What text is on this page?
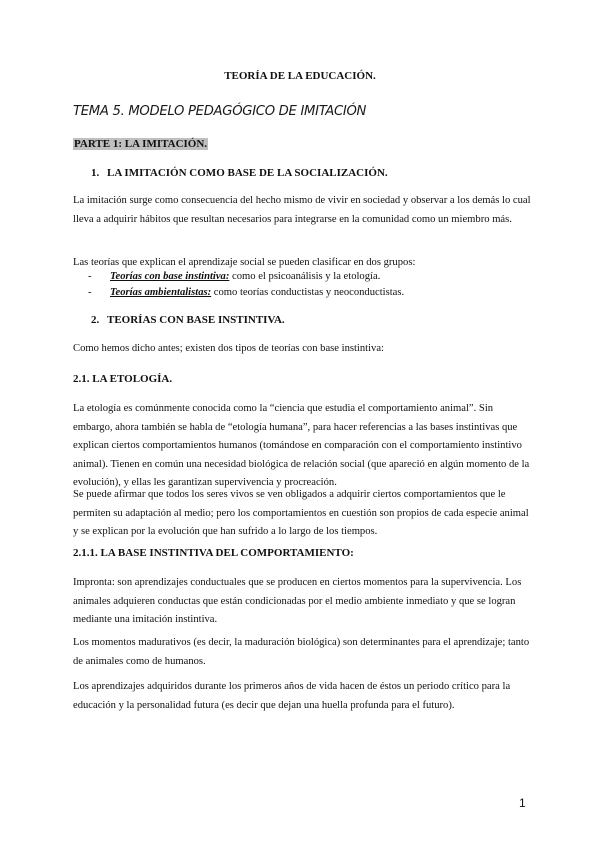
TEORÍA DE LA EDUCACIÓN.
TEMA 5. MODELO PEDAGÓGICO DE IMITACIÓN
PARTE 1: LA IMITACIÓN.
1. LA IMITACIÓN COMO BASE DE LA SOCIALIZACIÓN.

La imitación surge como consecuencia del hecho mismo de vivir en sociedad y observar a los demás lo cual lleva a adquirir hábitos que resultan necesarios para integrarse en la comunidad como un miembro más.

Las teorías que explican el aprendizaje social se pueden clasificar en dos grupos:

- Teorías con base instintiva: como el psicoanálisis y la etología.
- Teorías ambientalistas: como teorías conductistas y neoconductistas.
2. TEORÍAS CON BASE INSTINTIVA.

Como hemos dicho antes; existen dos tipos de teorías con base instintiva:

2.1. LA ETOLOGÍA.

La etología es comúnmente conocida como la “ciencia que estudia el comportamiento animal”. Sin embargo, ahora también se habla de “etología humana”, para hacer referencias a las bases instintivas que explican ciertos comportamientos humanos (tomándose en comparación con el comportamiento instintivo animal). Tienen en común una necesidad biológica de relación social (que apareció en algún momento de la evolución), y ellas les garantizan supervivencia y procreación.

Se puede afirmar que todos los seres vivos se ven obligados a adquirir ciertos comportamientos que le permiten su adaptación al medio; pero los comportamientos en cuestión son propios de cada especie animal y se explican por la evolución que han sufrido a lo largo de los tiempos.

2.1.1. LA BASE INSTINTIVA DEL COMPORTAMIENTO:

Impronta: son aprendizajes conductuales que se producen en ciertos momentos para la supervivencia. Los animales adquieren conductas que están condicionadas por el medio ambiente inmediato y que se logran mediante una imitación instintiva.

Los momentos madurativos (es decir, la maduración biológica) son determinantes para el aprendizaje; tanto de animales como de humanos.

Los aprendizajes adquiridos durante los primeros años de vida hacen de éstos un periodo crítico para la educación y la personalidad futura (es decir que dejan una huella profunda para el futuro).

1
